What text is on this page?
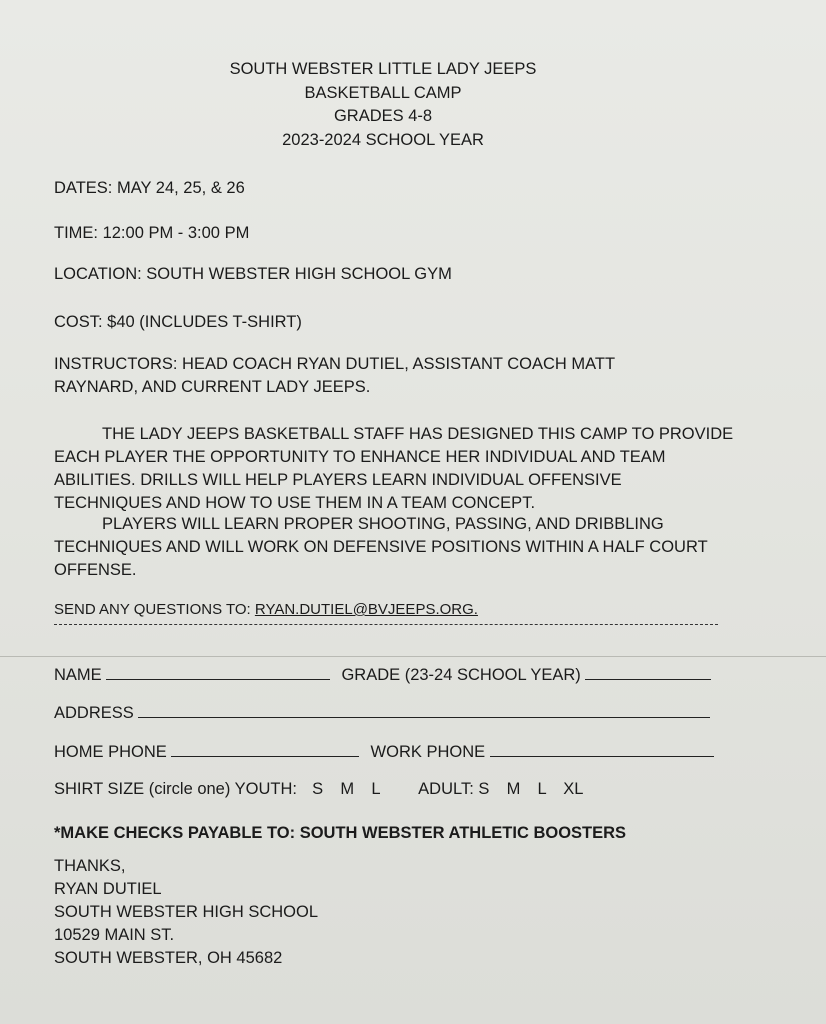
SOUTH WEBSTER LITTLE LADY JEEPS
BASKETBALL CAMP
GRADES 4-8
2023-2024 SCHOOL YEAR
DATES: MAY 24, 25, & 26
TIME: 12:00 PM - 3:00 PM
LOCATION: SOUTH WEBSTER HIGH SCHOOL GYM
COST: $40 (INCLUDES T-SHIRT)
INSTRUCTORS: HEAD COACH RYAN DUTIEL, ASSISTANT COACH MATT
RAYNARD, AND CURRENT LADY JEEPS.
THE LADY JEEPS BASKETBALL STAFF HAS DESIGNED THIS CAMP TO PROVIDE EACH PLAYER THE OPPORTUNITY TO ENHANCE HER INDIVIDUAL AND TEAM ABILITIES. DRILLS WILL HELP PLAYERS LEARN INDIVIDUAL OFFENSIVE TECHNIQUES AND HOW TO USE THEM IN A TEAM CONCEPT.
PLAYERS WILL LEARN PROPER SHOOTING, PASSING, AND DRIBBLING TECHNIQUES AND WILL WORK ON DEFENSIVE POSITIONS WITHIN A HALF COURT OFFENSE.
SEND ANY QUESTIONS TO: RYAN.DUTIEL@BVJEEPS.ORG.
NAME	GRADE (23-24 SCHOOL YEAR)
ADDRESS
HOME PHONE	WORK PHONE
SHIRT SIZE (circle one) YOUTH: S M L ADULT: S M L XL
*MAKE CHECKS PAYABLE TO: SOUTH WEBSTER ATHLETIC BOOSTERS
THANKS,
RYAN DUTIEL
SOUTH WEBSTER HIGH SCHOOL
10529 MAIN ST.
SOUTH WEBSTER, OH 45682
